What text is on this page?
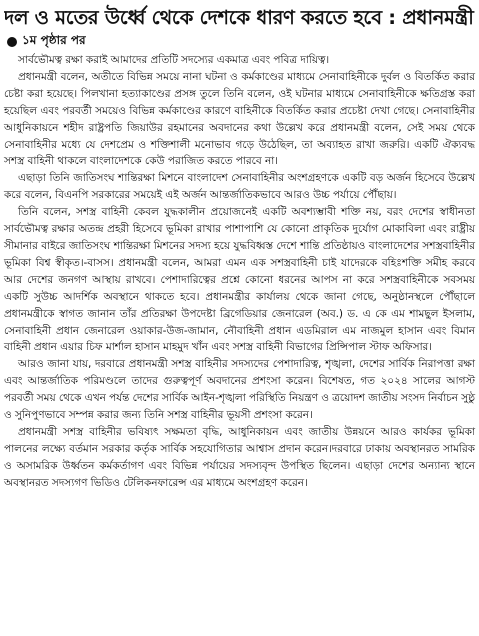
দল ও মতের উর্ধ্বে থেকে দেশকে ধারণ করতে হবে : প্রধানমন্ত্রী
১ম পৃষ্ঠার পর

সার্বভৌমত্ব রক্ষা করাই আমাদের প্রতিটি সদস্যের একমাত্র এবং পবিত্র দায়িত্ব।

প্রধানমন্ত্রী বলেন, অতীতে বিভিন্ন সময়ে নানা ঘটনা ও কর্মকাণ্ডের মাধ্যমে সেনাবাহিনীকে দুর্বল ও বিতর্কিত করার চেষ্টা করা হয়েছে। পিলখানা হত্যাকাণ্ডের প্রসঙ্গ তুলে তিনি বলেন, ওই ঘটনার মাধ্যমে সেনাবাহিনীকে ক্ষতিগ্রস্ত করা হয়েছিল এবং পরবর্তী সময়েও বিভিন্ন কর্মকাণ্ডের কারণে বাহিনীকে বিতর্কিত করার প্রচেষ্টা দেখা গেছে। সেনাবাহিনীর আধুনিকায়নে শহীদ রাষ্ট্রপতি জিয়াউর রহমানের অবদানের কথা উল্লেখ করে প্রধানমন্ত্রী বলেন, সেই সময় থেকে সেনাবাহিনীর মধ্যে যে দেশপ্রেম ও শক্তিশালী মনোভাব গড়ে উঠেছিল, তা অব্যাহত রাখা জরুরি। একটি ঐক্যবদ্ধ সশস্ত্র বাহিনী থাকলে বাংলাদেশকে কেউ পরাজিত করতে পারবে না।

এছাড়া তিনি জাতিসংঘ শান্তিরক্ষা মিশনে বাংলাদেশ সেনাবাহিনীর অংশগ্রহণকে একটি বড় অর্জন হিসেবে উল্লেখ করে বলেন, বিএনপি সরকারের সময়েই এই অর্জন আন্তর্জাতিকভাবে আরও উচ্চ পর্যায়ে পৌঁছায়।

তিনি বলেন, সশস্ত্র বাহিনী কেবল যুদ্ধকালীন প্রয়োজনেই একটি অবশ্যম্ভাবী শক্তি নয়, বরং দেশের স্বাধীনতা সার্বভৌমত্ব রক্ষার অতন্দ্র প্রহরী হিসেবে ভূমিকা রাখার পাশাপাশি যে কোনো প্রাকৃতিক দুর্যোগ মোকাবিলা এবং রাষ্ট্রীয় সীমানার বাইরে জাতিসংঘ শান্তিরক্ষা মিশনের সদস্য হয়ে যুদ্ধবিধ্বস্ত দেশে শান্তি প্রতিষ্ঠায়ও বাংলাদেশের সশস্ত্রবাহিনীর ভূমিকা বিশ্ব স্বীকৃত।-বাসস। প্রধানমন্ত্রী বলেন, আমরা এমন এক সশস্ত্রবাহিনী চাই যাদেরকে বহিঃশক্তি সমীহ করবে আর দেশের জনগণ আস্থায় রাখবে। পেশাদারিত্বের প্রশ্নে কোনো ধরনের আপস না করে সশস্ত্রবাহিনীকে সবসময় একটি সুউচ্চ আদর্শিক অবস্থানে থাকতে হবে। প্রধানমন্ত্রীর কার্যালয় থেকে জানা গেছে, অনুষ্ঠানস্থলে পৌঁছালে প্রধানমন্ত্রীকে স্বাগত জানান তাঁর প্রতিরক্ষা উপদেষ্টা ব্রিগেডিয়ার জেনারেল (অব.) ড. এ কে এম শামছুল ইসলাম, সেনাবাহিনী প্রধান জেনারেল ওয়াকার-উজ-জামান, নৌবাহিনী প্রধান এডমিরাল এম নাজমুল হাসান এবং বিমান বাহিনী প্রধান এয়ার চিফ মার্শাল হাসান মাহমুদ খাঁন এবং সশস্ত্র বাহিনী বিভাগের প্রিন্সিপাল স্টাফ অফিসার।

আরও জানা যায়, দরবারে প্রধানমন্ত্রী সশস্ত্র বাহিনীর সদস্যদের পেশাদারিত্ব, শৃঙ্খলা, দেশের সার্বিক নিরাপত্তা রক্ষা এবং আন্তর্জাতিক পরিমণ্ডলে তাদের গুরুত্বপূর্ণ অবদানের প্রশংসা করেন। বিশেষত, গত ২০২৪ সালের আগস্ট পরবর্তী সময় থেকে এখন পর্যন্ত দেশের সার্বিক আইন-শৃঙ্খলা পরিস্থিতি নিয়ন্ত্রণ ও ত্রয়োদশ জাতীয় সংসদ নির্বাচন সুষ্ঠু ও সুনিপুণভাবে সম্পন্ন করার জন্য তিনি সশস্ত্র বাহিনীর ভূয়সী প্রশংসা করেন।

প্রধানমন্ত্রী সশস্ত্র বাহিনীর ভবিষ্যৎ সক্ষমতা বৃদ্ধি, আধুনিকায়ন এবং জাতীয় উন্নয়নে আরও কার্যকর ভূমিকা পালনের লক্ষ্যে বর্তমান সরকার কর্তৃক সার্বিক সহযোগিতার আশ্বাস প্রদান করেন।দরবারে ঢাকায় অবস্থানরত সামরিক ও অসামরিক উর্ধ্বতন কর্মকর্তাগণ এবং বিভিন্ন পর্যায়ের সদস্যবৃন্দ উপস্থিত ছিলেন। এছাড়া দেশের অন্যান্য স্থানে অবস্থানরত সদস্যগণ ভিডিও টেলিকনফারেন্স এর মাধ্যমে অংশগ্রহণ করেন।
